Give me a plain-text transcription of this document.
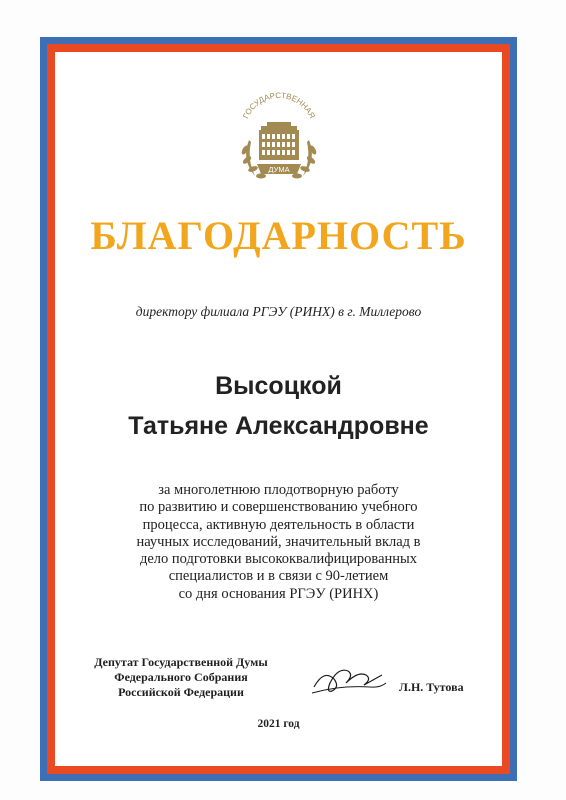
ДУМА
ГОСУДАРСТВЕННАЯ
БЛАГОДАРНОСТЬ
директору филиала РГЭУ (РИНХ) в г. Миллерово
Высоцкой
Татьяне Александровне
за многолетнюю плодотворную работу
по развитию и совершенствованию учебного
процесса, активную деятельность в области
научных исследований, значительный вклад в
дело подготовки высококвалифицированных
специалистов и в связи с 90-летием
со дня основания РГЭУ (РИНХ)
Депутат Государственной Думы
Федерального Собрания
Российской Федерации	Л.Н. Тутова
2021 год
